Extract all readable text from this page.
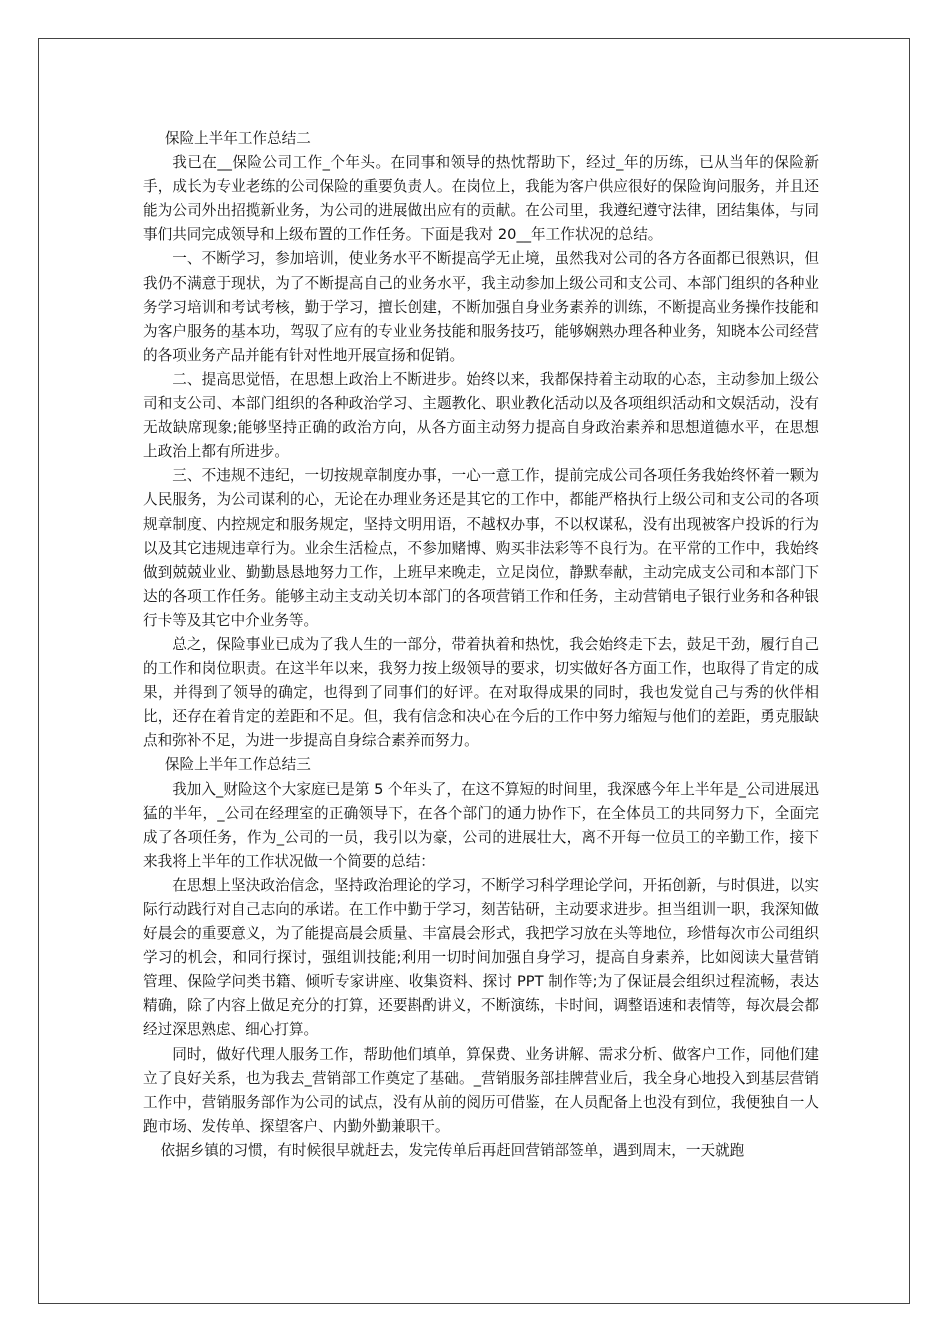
保险上半年工作总结二

我已在__保险公司工作_个年头。在同事和领导的热忱帮助下，经过_年的历练，已从当年的保险新手，成长为专业老练的公司保险的重要负责人。在岗位上，我能为客户供应很好的保险询问服务，并且还能为公司外出招揽新业务，为公司的进展做出应有的贡献。在公司里，我遵纪遵守法律，团结集体，与同事们共同完成领导和上级布置的工作任务。下面是我对 20__年工作状况的总结。

一、不断学习，参加培训，使业务水平不断提高学无止境，虽然我对公司的各方各面都已很熟识，但我仍不满意于现状，为了不断提高自己的业务水平，我主动参加上级公司和支公司、本部门组织的各种业务学习培训和考试考核，勤于学习，擅长创建，不断加强自身业务素养的训练，不断提高业务操作技能和为客户服务的基本功，驾驭了应有的专业业务技能和服务技巧，能够娴熟办理各种业务，知晓本公司经营的各项业务产品并能有针对性地开展宣扬和促销。

二、提高思觉悟，在思想上政治上不断进步。始终以来，我都保持着主动取的心态，主动参加上级公司和支公司、本部门组织的各种政治学习、主题教化、职业教化活动以及各项组织活动和文娱活动，没有无故缺席现象;能够坚持正确的政治方向，从各方面主动努力提高自身政治素养和思想道德水平，在思想上政治上都有所进步。

三、不违规不违纪，一切按规章制度办事，一心一意工作，提前完成公司各项任务我始终怀着一颗为人民服务，为公司谋利的心，无论在办理业务还是其它的工作中，都能严格执行上级公司和支公司的各项规章制度、内控规定和服务规定，坚持文明用语，不越权办事，不以权谋私，没有出现被客户投诉的行为以及其它违规违章行为。业余生活检点，不参加赌博、购买非法彩等不良行为。在平常的工作中，我始终做到兢兢业业、勤勤恳恳地努力工作，上班早来晚走，立足岗位，静默奉献，主动完成支公司和本部门下达的各项工作任务。能够主动主支动关切本部门的各项营销工作和任务，主动营销电子银行业务和各种银行卡等及其它中介业务等。

总之，保险事业已成为了我人生的一部分，带着执着和热忱，我会始终走下去，鼓足干劲，履行自己的工作和岗位职责。在这半年以来，我努力按上级领导的要求，切实做好各方面工作，也取得了肯定的成果，并得到了领导的确定，也得到了同事们的好评。在对取得成果的同时，我也发觉自己与秀的伙伴相比，还存在着肯定的差距和不足。但，我有信念和决心在今后的工作中努力缩短与他们的差距，勇克服缺点和弥补不足，为进一步提高自身综合素养而努力。

保险上半年工作总结三

我加入_财险这个大家庭已是第 5 个年头了，在这不算短的时间里，我深感今年上半年是_公司进展迅猛的半年，_公司在经理室的正确领导下，在各个部门的通力协作下，在全体员工的共同努力下，全面完成了各项任务，作为_公司的一员，我引以为豪，公司的进展壮大，离不开每一位员工的辛勤工作，接下来我将上半年的工作状况做一个简要的总结：

在思想上坚決政治信念，坚持政治理论的学习，不断学习科学理论学问，开拓创新，与时俱进，以实际行动践行对自己志向的承诺。在工作中勤于学习，刻苦钻研，主动要求进步。担当组训一职，我深知做好晨会的重要意义，为了能提高晨会质量、丰富晨会形式，我把学习放在头等地位，珍惜每次市公司组织学习的机会，和同行探讨，强组训技能;利用一切时间加强自身学习，提高自身素养，比如阅读大量营销管理、保险学问类书籍、倾听专家讲座、收集资料、探讨 PPT 制作等;为了保证晨会组织过程流畅，表达精确，除了内容上做足充分的打算，还要斟酌讲义，不断演练，卡时间，调整语速和表情等，每次晨会都经过深思熟虑、细心打算。

同时，做好代理人服务工作，帮助他们填单，算保费、业务讲解、需求分析、做客户工作，同他们建立了良好关系，也为我去_营销部工作奠定了基础。_营销服务部挂牌营业后，我全身心地投入到基层营销工作中，营销服务部作为公司的试点，没有从前的阅历可借鉴，在人员配备上也没有到位，我便独自一人跑市场、发传单、探望客户、内勤外勤兼职干。

依据乡镇的习惯，有时候很早就赶去，发完传单后再赶回营销部签单，遇到周末，一天就跑
